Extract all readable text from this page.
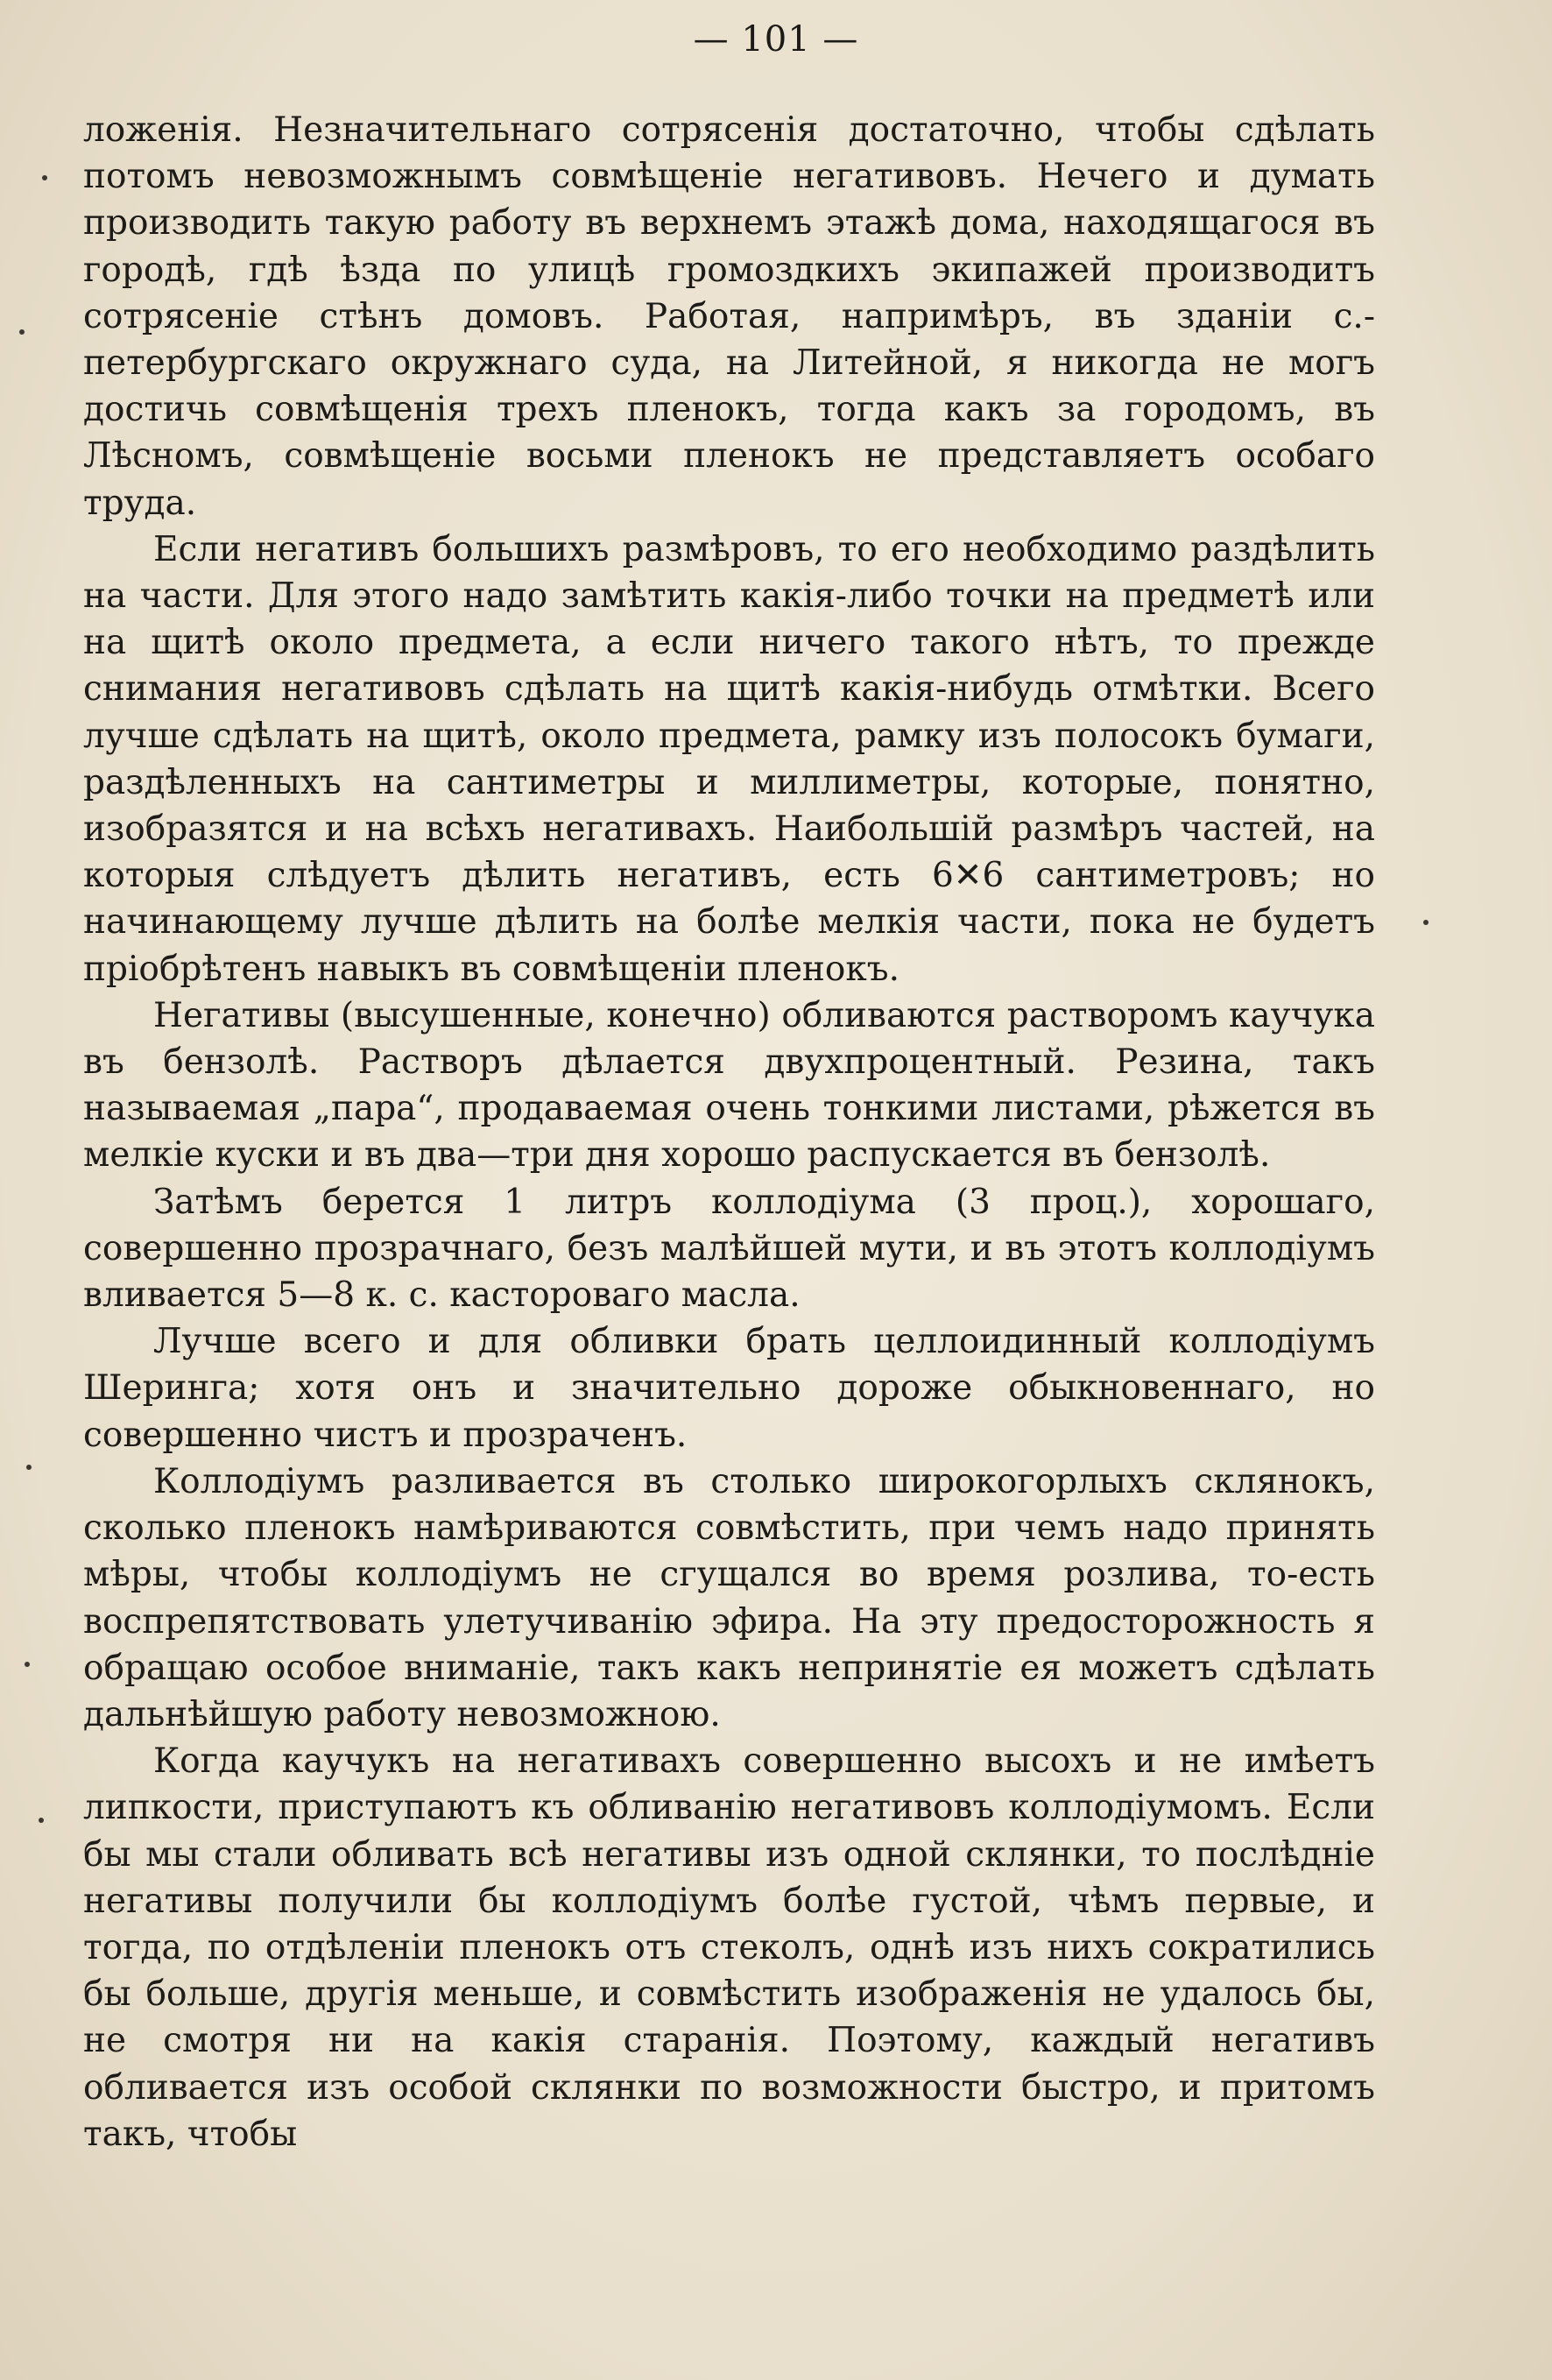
— 101 —

ложенія. Незначительнаго сотрясенія достаточно, чтобы сдѣлать потомъ невозможнымъ совмѣщеніе негативовъ. Нечего и думать производить такую работу въ верхнемъ этажѣ дома, находящагося въ городѣ, гдѣ ѣзда по улицѣ громоздкихъ экипажей производитъ сотрясеніе стѣнъ домовъ. Работая, напримѣръ, въ зданіи с.-петербургскаго окружнаго суда, на Литейной, я никогда не могъ достичь совмѣщенія трехъ пленокъ, тогда какъ за городомъ, въ Лѣсномъ, совмѣщеніе восьми пленокъ не представляетъ особаго труда.

Если негативъ большихъ размѣровъ, то его необходимо раздѣлить на части. Для этого надо замѣтить какія-либо точки на предметѣ или на щитѣ около предмета, а если ничего такого нѣтъ, то прежде снимания негативовъ сдѣлать на щитѣ какія-нибудь отмѣтки. Всего лучше сдѣлать на щитѣ, около предмета, рамку изъ полосокъ бумаги, раздѣленныхъ на сантиметры и миллиметры, которые, понятно, изобразятся и на всѣхъ негативахъ. Наибольшій размѣръ частей, на которыя слѣдуетъ дѣлить негативъ, есть 6✕6 сантиметровъ; но начинающему лучше дѣлить на болѣе мелкія части, пока не будетъ пріобрѣтенъ навыкъ въ совмѣщеніи пленокъ.

Негативы (высушенные, конечно) обливаются растворомъ каучука въ бензолѣ. Растворъ дѣлается двухпроцентный. Резина, такъ называемая „пара“, продаваемая очень тонкими листами, рѣжется въ мелкіе куски и въ два—три дня хорошо распускается въ бензолѣ.

Затѣмъ берется 1 литръ коллодіума (3 проц.), хорошаго, совершенно прозрачнаго, безъ малѣйшей мути, и въ этотъ коллодіумъ вливается 5—8 к. с. касторoваго масла.

Лучше всего и для обливки брать целлоидинный коллодіумъ Шеринга; хотя онъ и значительно дороже обыкновеннаго, но совершенно чистъ и прозраченъ.

Коллодіумъ разливается въ столько широкогорлыхъ склянокъ, сколько пленокъ намѣриваются совмѣстить, при чемъ надо принять мѣры, чтобы коллодіумъ не сгущался во время розлива, то-есть воспрепятствовать улетучиванію эфира. На эту предосторожность я обращаю особое вниманіе, такъ какъ непринятіе ея можетъ сдѣлать дальнѣйшую работу невозможною.

Когда каучукъ на негативахъ совершенно высохъ и не имѣетъ липкости, приступаютъ къ обливанію негативовъ коллодіумомъ. Если бы мы стали обливать всѣ негативы изъ одной склянки, то послѣдніе негативы получили бы коллодіумъ болѣе густой, чѣмъ первые, и тогда, по отдѣленіи пленокъ отъ стеколъ, однѣ изъ нихъ сократились бы больше, другія меньше, и совмѣстить изображенія не удалось бы, не смотря ни на какія старанія. Поэтому, каждый негативъ обливается изъ особой склянки по возможности быстро, и притомъ такъ, чтобы
